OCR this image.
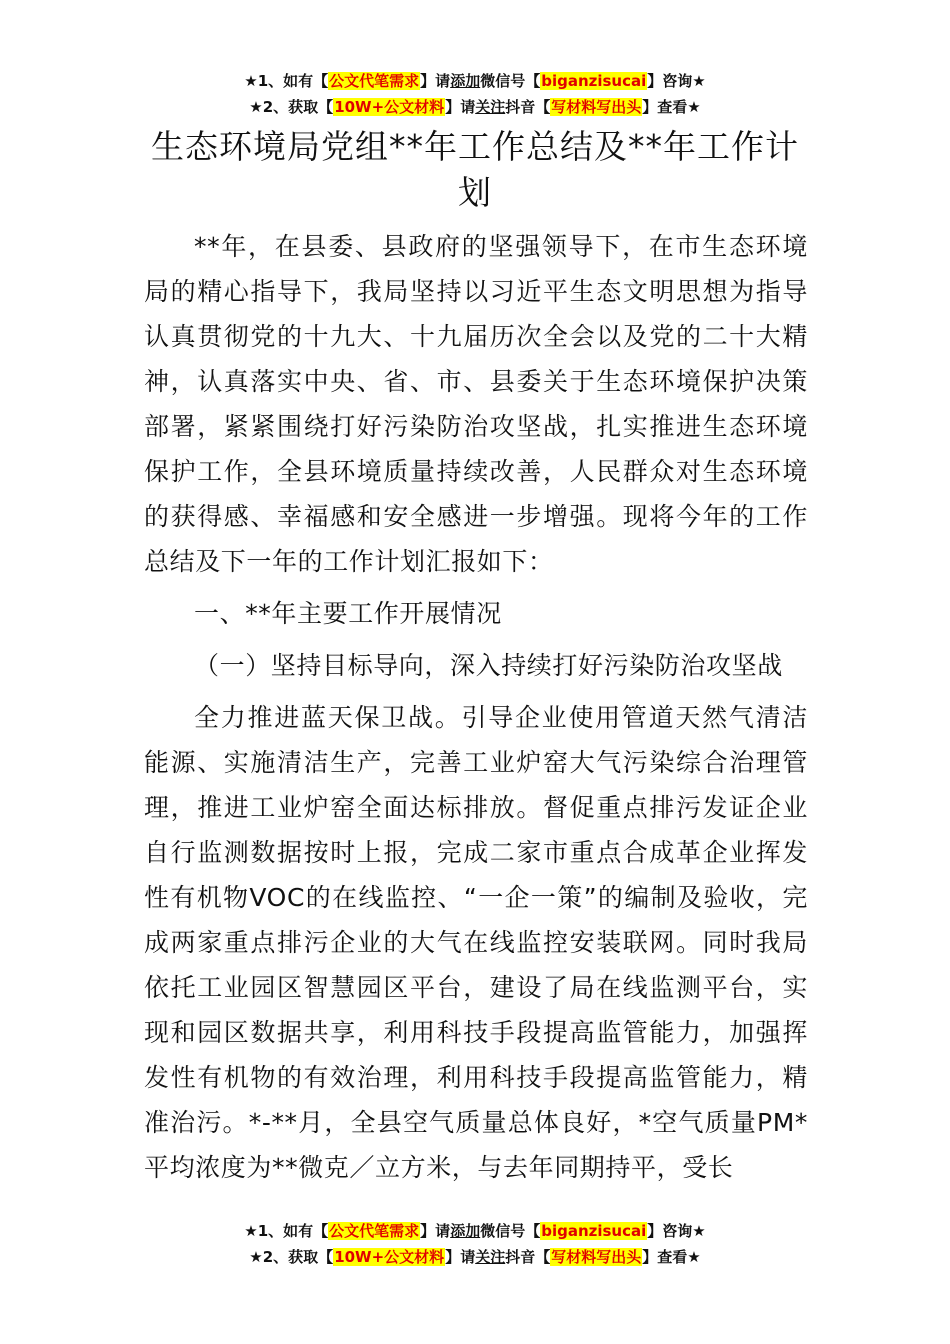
★1、如有【公文代笔需求】请添加微信号【biganzisucai】咨询★
★2、获取【10W+公文材料】请关注抖音【写材料写出头】查看★
生态环境局党组**年工作总结及**年工作计划

**年，在县委、县政府的坚强领导下，在市生态环境局的精心指导下，我局坚持以习近平生态文明思想为指导认真贯彻党的十九大、十九届历次全会以及党的二十大精神，认真落实中央、省、市、县委关于生态环境保护决策部署，紧紧围绕打好污染防治攻坚战，扎实推进生态环境保护工作，全县环境质量持续改善，人民群众对生态环境的获得感、幸福感和安全感进一步增强。现将今年的工作总结及下一年的工作计划汇报如下：

一、**年主要工作开展情况

（一）坚持目标导向，深入持续打好污染防治攻坚战

全力推进蓝天保卫战。引导企业使用管道天然气清洁能源、实施清洁生产，完善工业炉窑大气污染综合治理管理，推进工业炉窑全面达标排放。督促重点排污发证企业自行监测数据按时上报，完成二家市重点合成革企业挥发性有机物VOC的在线监控、“一企一策”的编制及验收，完成两家重点排污企业的大气在线监控安装联网。同时我局依托工业园区智慧园区平台，建设了局在线监测平台，实现和园区数据共享，利用科技手段提高监管能力，加强挥发性有机物的有效治理，利用科技手段提高监管能力，精准治污。*-**月，全县空气质量总体良好，*空气质量PM*平均浓度为**微克／立方米，与去年同期持平，受长

★1、如有【公文代笔需求】请添加微信号【biganzisucai】咨询★
★2、获取【10W+公文材料】请关注抖音【写材料写出头】查看★
